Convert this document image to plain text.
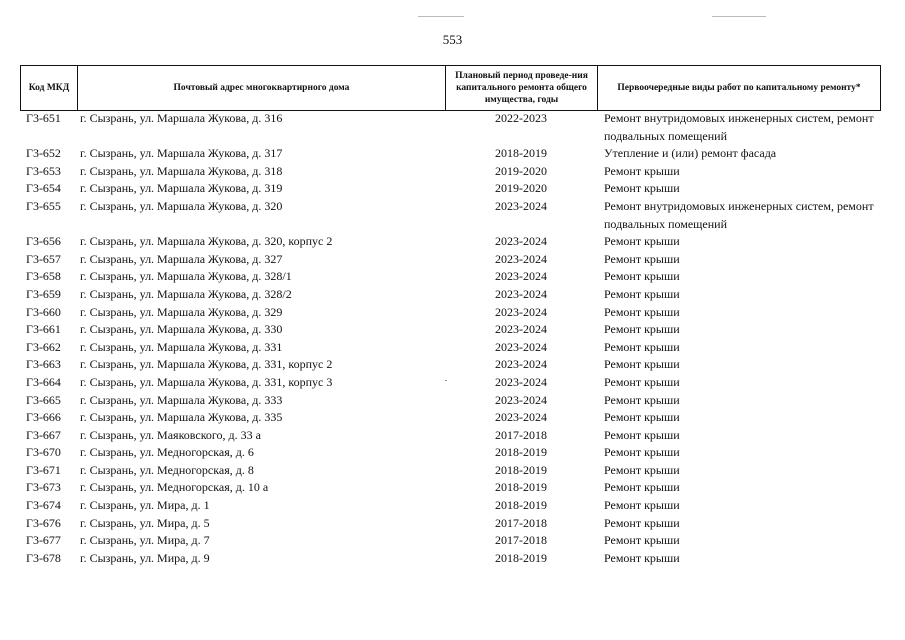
553
Код МКД	Почтовый адрес многоквартирного дома	Плановый период проведе-ния капитального ремонта общего имущества, годы	Первоочередные виды работ по капитальному ремонту*
Г3-651	г. Сызрань, ул. Маршала Жукова, д. 316	2022-2023	Ремонт внутридомовых инженерных систем, ремонт подвальных помещений
Г3-652	г. Сызрань, ул. Маршала Жукова, д. 317	2018-2019	Утепление и (или) ремонт фасада
Г3-653	г. Сызрань, ул. Маршала Жукова, д. 318	2019-2020	Ремонт крыши
Г3-654	г. Сызрань, ул. Маршала Жукова, д. 319	2019-2020	Ремонт крыши
Г3-655	г. Сызрань, ул. Маршала Жукова, д. 320	2023-2024	Ремонт внутридомовых инженерных систем, ремонт подвальных помещений
Г3-656	г. Сызрань, ул. Маршала Жукова, д. 320, корпус 2	2023-2024	Ремонт крыши
Г3-657	г. Сызрань, ул. Маршала Жукова, д. 327	2023-2024	Ремонт крыши
Г3-658	г. Сызрань, ул. Маршала Жукова, д. 328/1	2023-2024	Ремонт крыши
Г3-659	г. Сызрань, ул. Маршала Жукова, д. 328/2	2023-2024	Ремонт крыши
Г3-660	г. Сызрань, ул. Маршала Жукова, д. 329	2023-2024	Ремонт крыши
Г3-661	г. Сызрань, ул. Маршала Жукова, д. 330	2023-2024	Ремонт крыши
Г3-662	г. Сызрань, ул. Маршала Жукова, д. 331	2023-2024	Ремонт крыши
Г3-663	г. Сызрань, ул. Маршала Жукова, д. 331, корпус 2	2023-2024	Ремонт крыши
Г3-664	г. Сызрань, ул. Маршала Жукова, д. 331, корпус 3	2023-2024	Ремонт крыши
Г3-665	г. Сызрань, ул. Маршала Жукова, д. 333	2023-2024	Ремонт крыши
Г3-666	г. Сызрань, ул. Маршала Жукова, д. 335	2023-2024	Ремонт крыши
Г3-667	г. Сызрань, ул. Маяковского, д. 33 а	2017-2018	Ремонт крыши
Г3-670	г. Сызрань, ул. Медногорская, д. 6	2018-2019	Ремонт крыши
Г3-671	г. Сызрань, ул. Медногорская, д. 8	2018-2019	Ремонт крыши
Г3-673	г. Сызрань, ул. Медногорская, д. 10 а	2018-2019	Ремонт крыши
Г3-674	г. Сызрань, ул. Мира, д. 1	2018-2019	Ремонт крыши
Г3-676	г. Сызрань, ул. Мира, д. 5	2017-2018	Ремонт крыши
Г3-677	г. Сызрань, ул. Мира, д. 7	2017-2018	Ремонт крыши
Г3-678	г. Сызрань, ул. Мира, д. 9	2018-2019	Ремонт крыши
